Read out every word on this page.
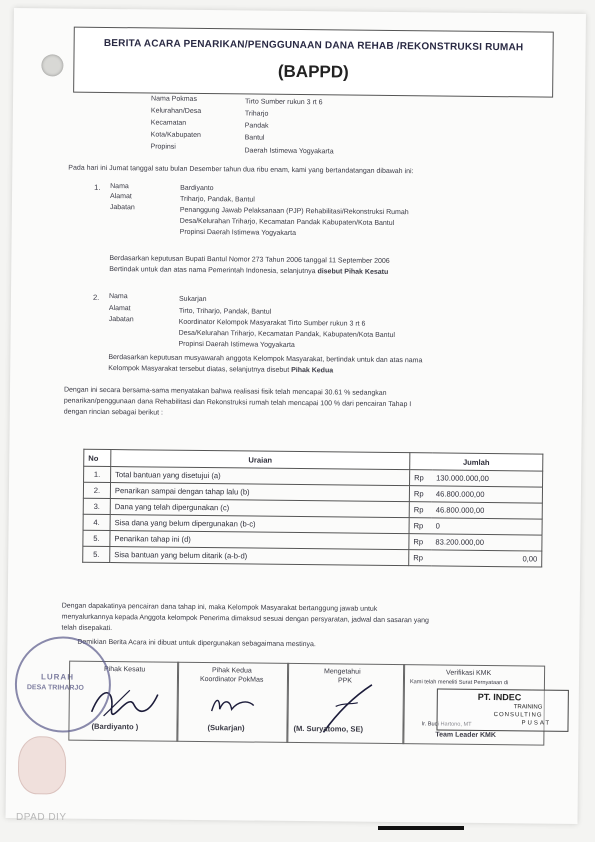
BERITA ACARA PENARIKAN/PENGGUNAAN DANA REHAB /REKONSTRUKSI RUMAH
(BAPPD)
Nama Pokmas	Tirto Sumber rukun 3 rt 6
Kelurahan/Desa	Triharjo
Kecamatan	Pandak
Kota/Kabupaten	Bantul
Propinsi
Daerah Istimewa Yogyakarta
Pada hari ini Jumat tanggal satu bulan Desember tahun dua ribu enam, kami yang bertandatangan dibawah ini:
1. Nama	Bardiyanto
Alamat	Triharjo, Pandak, Bantul
Jabatan	Penanggung Jawab Pelaksanaan (PJP) Rehabilitasi/Rekonstruksi Rumah
Desa/Kelurahan Triharjo, Kecamatan Pandak Kabupaten/Kota Bantul
Propinsi Daerah Istimewa Yogyakarta
Berdasarkan keputusan Bupati Bantul Nomor 273 Tahun 2006 tanggal 11 September 2006
Bertindak untuk dan atas nama Pemerintah Indonesia, selanjutnya disebut Pihak Kesatu
2. Nama	Sukarjan
Alamat	Tirto, Triharjo, Pandak, Bantul
Jabatan	Koordinator Kelompok Masyarakat Tirto Sumber rukun 3 rt 6
Desa/Kelurahan Triharjo, Kecamatan Pandak, Kabupaten/Kota Bantul
Propinsi Daerah Istimewa Yogyakarta
Berdasarkan keputusan musyawarah anggota Kelompok Masyarakat, bertindak untuk dan atas nama
Kelompok Masyarakat tersebut diatas, selanjutnya disebut Pihak Kedua
Dengan ini secara bersama-sama menyatakan bahwa realisasi fisik telah mencapai 30.61 % sedangkan
penarikan/penggunaan dana Rehabilitasi dan Rekonstruksi rumah telah mencapai 100 % dari pencairan Tahap I
dengan rincian sebagai berikut :
No	Uraian	Jumlah	
1.	Total bantuan yang disetujui (a)	Rp	130.000.000,00
2.	Penarikan sampai dengan tahap lalu (b)	Rp	46.800.000,00
3.	Dana yang telah dipergunakan (c)	Rp	46.800.000,00
4.	Sisa dana yang belum dipergunakan (b-c)	Rp	0
5.	Penarikan tahap ini (d)	Rp	83.200.000,00
5.	Sisa bantuan yang belum ditarik (a-b-d)	Rp	0,00
Dengan dapakatinya pencairan dana tahap ini, maka Kelompok Masyarakat bertanggung jawab untuk
menyalurkannya kepada Anggota kelompok Penerima dimaksud sesuai dengan persyaratan, jadwal dan sasaran yang
telah disepakati.
Demikian Berita Acara ini dibuat untuk dipergunakan sebagaimana mestinya.
Pihak Kesatu
(Bardiyanto )
Pihak Kedua
Koordinator PokMas
(Sukarjan)
Mengetahui
PPK
(M. Suryatomo, SE)
Verifikasi KMK
Kami telah meneliti Surat Pernyataan di
Ir. Budi Hartono, MT
Team Leader KMK
LURAH
DESA TRIHARJO
PT. INDEC
TRAINING
CONSULTING
PUSAT
DPAD DIY
